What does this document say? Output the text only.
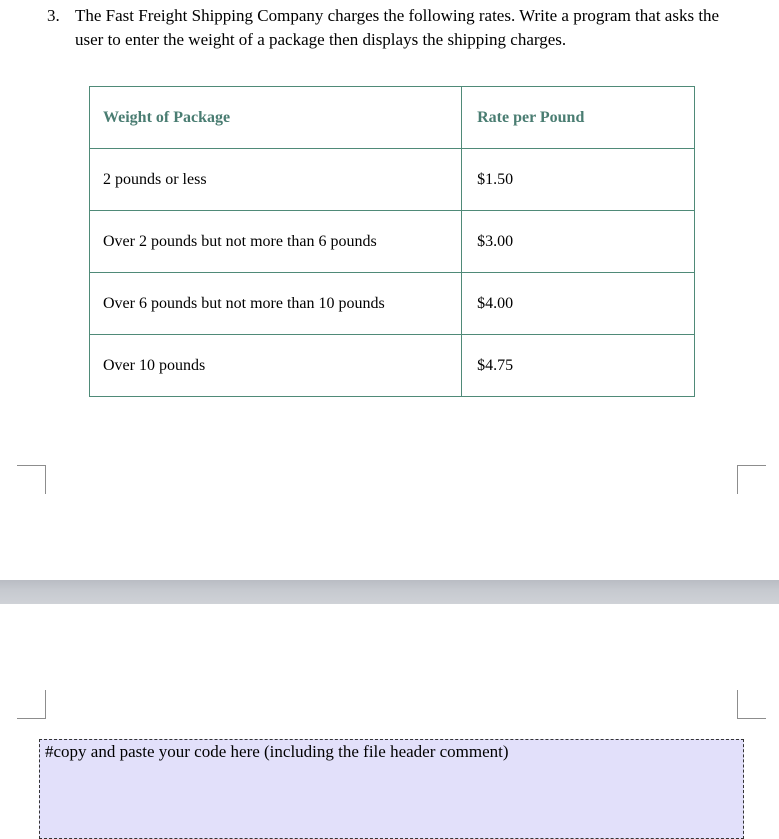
3. The Fast Freight Shipping Company charges the following rates. Write a program that asks the user to enter the weight of a package then displays the shipping charges.
Weight of Package	Rate per Pound
2 pounds or less	$1.50
Over 2 pounds but not more than 6 pounds	$3.00
Over 6 pounds but not more than 10 pounds	$4.00
Over 10 pounds	$4.75
#copy and paste your code here (including the file header comment)
